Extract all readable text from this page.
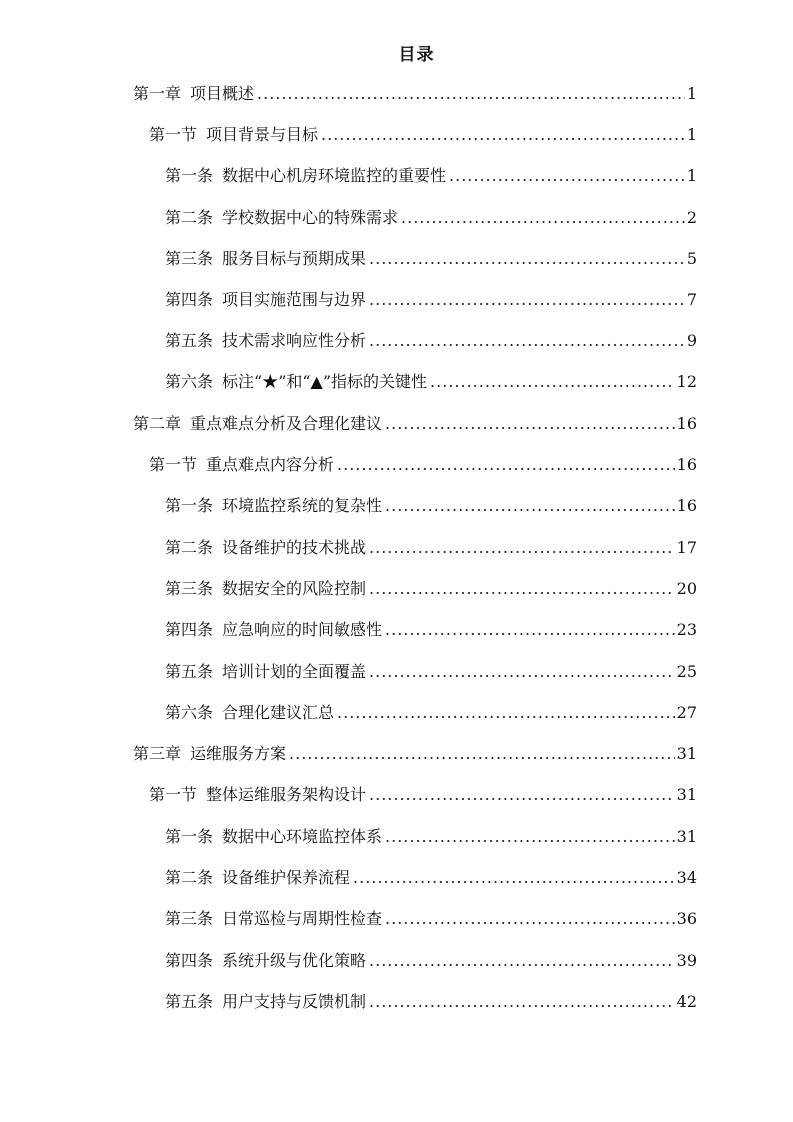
目录
第一章 项目概述 .....	1
第一节 项目背景与目标 .....	1
第一条 数据中心机房环境监控的重要性 .....	1
第二条 学校数据中心的特殊需求 .....	2
第三条 服务目标与预期成果 .....	5
第四条 项目实施范围与边界 .....	7
第五条 技术需求响应性分析 .....	9
第六条 标注“★”和“▲”指标的关键性 .....	12
第二章 重点难点分析及合理化建议 .....	16
第一节 重点难点内容分析 .....	16
第一条 环境监控系统的复杂性 .....	16
第二条 设备维护的技术挑战 .....	17
第三条 数据安全的风险控制 .....	20
第四条 应急响应的时间敏感性 .....	23
第五条 培训计划的全面覆盖 .....	25
第六条 合理化建议汇总 .....	27
第三章 运维服务方案 .....	31
第一节 整体运维服务架构设计 .....	31
第一条 数据中心环境监控体系 .....	31
第二条 设备维护保养流程 .....	34
第三条 日常巡检与周期性检查 .....	36
第四条 系统升级与优化策略 .....	39
第五条 用户支持与反馈机制 .....	42
